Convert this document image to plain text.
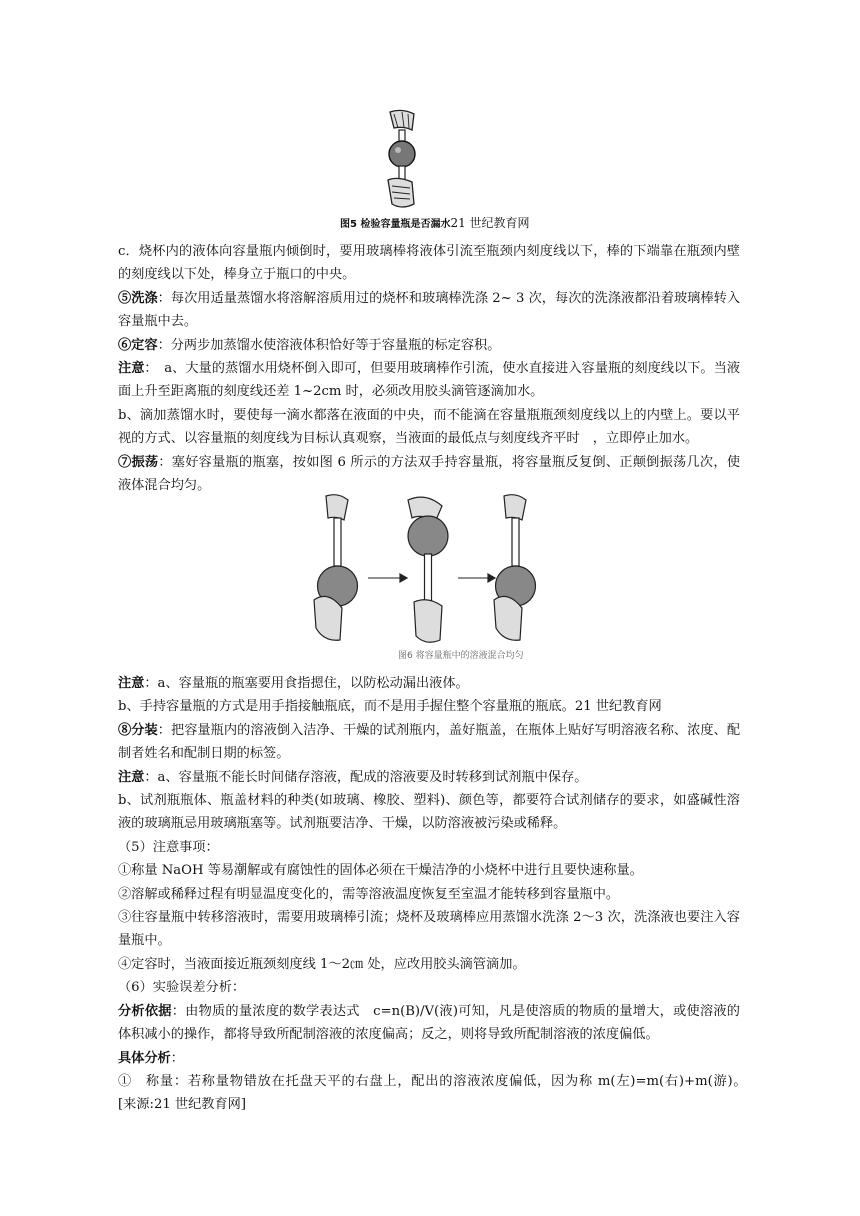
图5 检验容量瓶是否漏水21 世纪教育网

c．烧杯内的液体向容量瓶内倾倒时，要用玻璃棒将液体引流至瓶颈内刻度线以下，棒的下端靠在瓶颈内壁的刻度线以下处，棒身立于瓶口的中央。

⑤洗涤：每次用适量蒸馏水将溶解溶质用过的烧杯和玻璃棒洗涤 2~ 3 次，每次的洗涤液都沿着玻璃棒转入容量瓶中去。

⑥定容：分两步加蒸馏水使溶液体积恰好等于容量瓶的标定容积。

注意：　a、大量的蒸馏水用烧杯倒入即可，但要用玻璃棒作引流，使水直接进入容量瓶的刻度线以下。当液面上升至距离瓶的刻度线还差 1~2cm 时，必须改用胶头滴管逐滴加水。

b、滴加蒸馏水时，要使每一滴水都落在液面的中央，而不能滴在容量瓶瓶颈刻度线以上的内壁上。要以平视的方式、以容量瓶的刻度线为目标认真观察，当液面的最低点与刻度线齐平时　，立即停止加水。

⑦振荡：塞好容量瓶的瓶塞，按如图 6 所示的方法双手持容量瓶，将容量瓶反复倒、正颠倒振荡几次，使液体混合均匀。

图6 将容量瓶中的溶液混合均匀

注意：a、容量瓶的瓶塞要用食指摁住，以防松动漏出液体。

b、手持容量瓶的方式是用手指接触瓶底，而不是用手握住整个容量瓶的瓶底。21 世纪教育网

⑧分装：把容量瓶内的溶液倒入洁净、干燥的试剂瓶内，盖好瓶盖，在瓶体上贴好写明溶液名称、浓度、配制者姓名和配制日期的标签。

注意：a、容量瓶不能长时间储存溶液，配成的溶液要及时转移到试剂瓶中保存。

b、试剂瓶瓶体、瓶盖材料的种类(如玻璃、橡胶、塑料)、颜色等，都要符合试剂储存的要求，如盛碱性溶液的玻璃瓶忌用玻璃瓶塞等。试剂瓶要洁净、干燥，以防溶液被污染或稀释。

（5）注意事项：

①称量 NaOH 等易潮解或有腐蚀性的固体必须在干燥洁净的小烧杯中进行且要快速称量。

②溶解或稀释过程有明显温度变化的，需等溶液温度恢复至室温才能转移到容量瓶中。

③往容量瓶中转移溶液时，需要用玻璃棒引流；烧杯及玻璃棒应用蒸馏水洗涤 2～3 次，洗涤液也要注入容量瓶中。

④定容时，当液面接近瓶颈刻度线 1～2㎝ 处，应改用胶头滴管滴加。

（6）实验误差分析：

分析依据：由物质的量浓度的数学表达式　c=n(B)/V(液)可知，凡是使溶质的物质的量增大，或使溶液的体积减小的操作，都将导致所配制溶液的浓度偏高；反之，则将导致所配制溶液的浓度偏低。

具体分析：

①　称量：若称量物错放在托盘天平的右盘上，配出的溶液浓度偏低，因为称 m(左)=m(右)+m(游)。　　[来源:21 世纪教育网]
